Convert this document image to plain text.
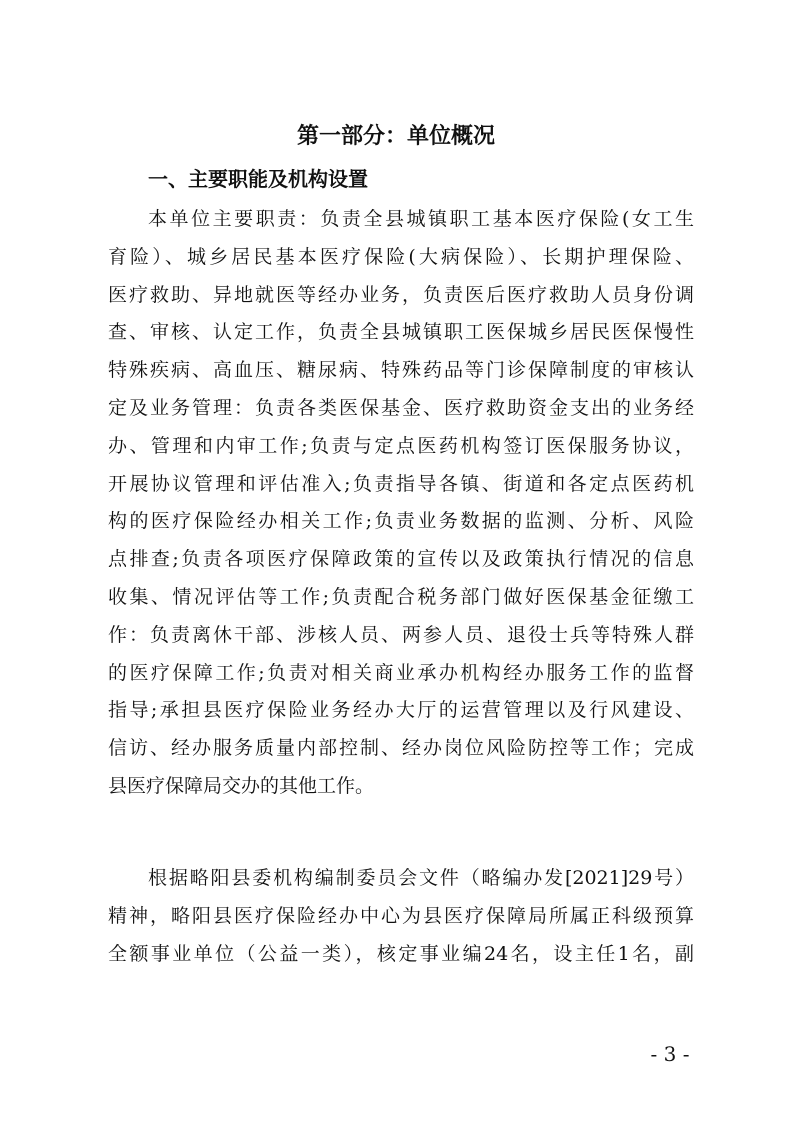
第一部分：单位概况
一、主要职能及机构设置
本单位主要职责：负责全县城镇职工基本医疗保险(女工生
育险）、城乡居民基本医疗保险(大病保险）、长期护理保险、
医疗救助、异地就医等经办业务，负责医后医疗救助人员身份调
查、审核、认定工作，负责全县城镇职工医保城乡居民医保慢性
特殊疾病、高血压、糖尿病、特殊药品等门诊保障制度的审核认
定及业务管理：负责各类医保基金、医疗救助资金支出的业务经
办、管理和内审工作;负责与定点医药机构签订医保服务协议，
开展协议管理和评估准入;负责指导各镇、街道和各定点医药机
构的医疗保险经办相关工作;负责业务数据的监测、分析、风险
点排查;负责各项医疗保障政策的宣传以及政策执行情况的信息
收集、情况评估等工作;负责配合税务部门做好医保基金征缴工
作：负责离休干部、涉核人员、两参人员、退役士兵等特殊人群
的医疗保障工作;负责对相关商业承办机构经办服务工作的监督
指导;承担县医疗保险业务经办大厅的运营管理以及行风建设、
信访、经办服务质量内部控制、经办岗位风险防控等工作；完成
县医疗保障局交办的其他工作。
根据略阳县委机构编制委员会文件（略编办发[2021]29号）
精神，略阳县医疗保险经办中心为县医疗保障局所属正科级预算
全额事业单位（公益一类），核定事业编24名，设主任1名，副
- 3 -
